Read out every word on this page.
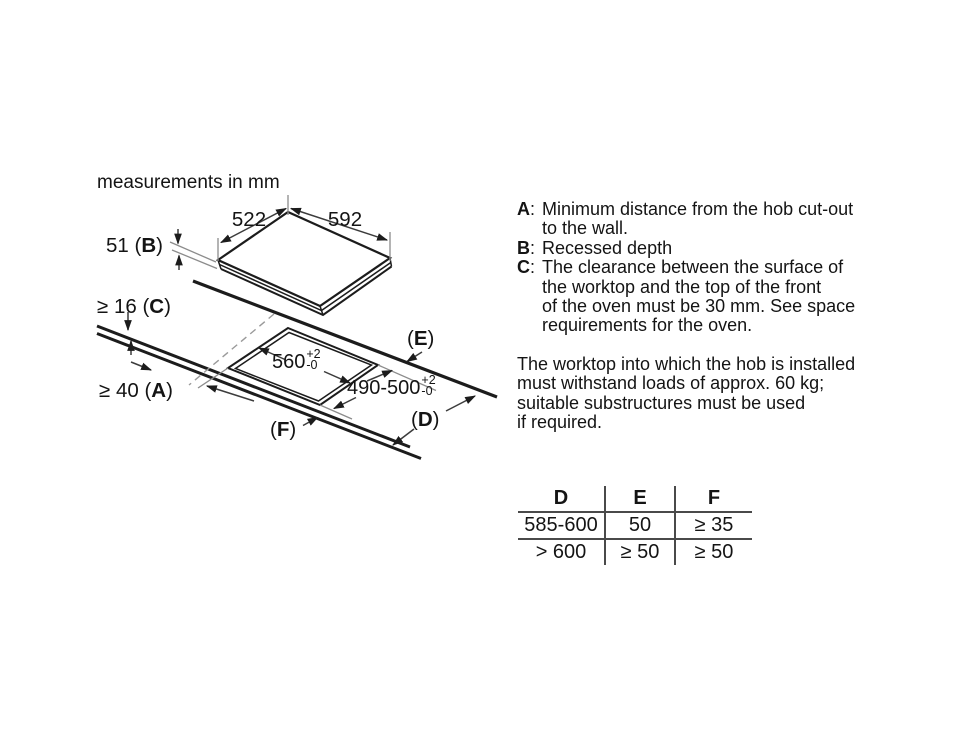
measurements in mm
522	592
51 (B)
≥ 16 (C)
≥ 40 (A)
560 +2
-0
490-500 +2
-0
(E)
(D)
(F)
A: Minimum distance from the hob cut-out
to the wall.
B: Recessed depth
C: The clearance between the surface of
the worktop and the top of the front
of the oven must be 30 mm. See space
requirements for the oven.
The worktop into which the hob is installed
must withstand loads of approx. 60 kg;
suitable substructures must be used
if required.
D	E	F
585-600	50	≥ 35
> 600	≥ 50	≥ 50
